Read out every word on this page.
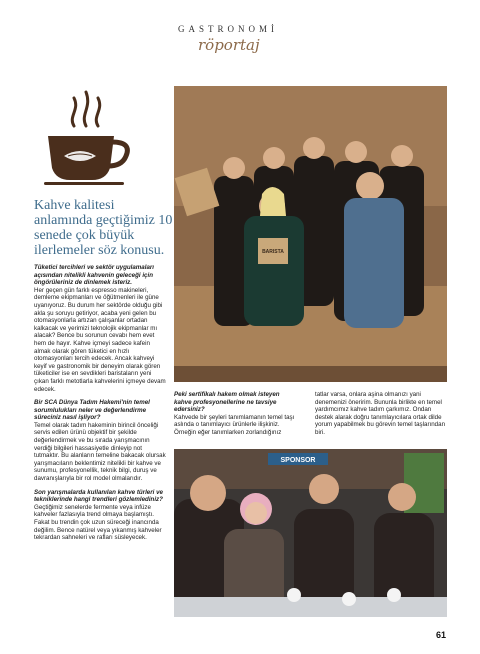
GASTRONOMİ
röportaj
Kahve kalitesi anlamında geçtiğimiz 10 senede çok büyük ilerlemeler söz konusu.

Tüketici tercihleri ve sektör uygulamaları açısından nitelikli kahvenin geleceği için öngörüleriniz de dinlemek isteriz.

Her geçen gün farklı espresso makineleri, demleme ekipmanları ve öğütmenleri ile güne uyanıyoruz. Bu durum her sektörde olduğu gibi akla şu soruyu getiriyor, acaba yeni gelen bu otomasyonlarla artızan çalışanlar ortadan kalkacak ve yerimizi teknolojik ekipmanlar mı alacak? Bence bu sorunun cevabı hem evet hem de hayır. Kahve içmeyi sadece kafein almak olarak gören tüketici en hızlı otomasyonları tercih edecek. Ancak kahveyi keyif ve gastronomik bir deneyim olarak gören tüketiciler ise en sevdikleri baristaların yeni çıkan farklı metotlarla kahvelerini içmeye devam edecek.

Bir SCA Dünya Tadım Hakemi'nin temel sorumlulukları neler ve değerlendirme süreciniz nasıl işliyor?

Temel olarak tadım hakeminin birincil önceliği servis edilen ürünü objektif bir şekilde değerlendirmek ve bu sırada yarışmacının verdiği bilgileri hassasiyetle dinleyip not tutmaktır. Bu alanların temeline bakacak olursak yarışmacıların beklentimiz nitelikli bir kahve ve sunumu, profesyonellik, teknik bilgi, duruş ve davranışlarıyla bir rol model olmalarıdır.

Son yarışmalarda kullanılan kahve türleri ve tekniklerinde hangi trendleri gözlemlediniz?

Geçtiğimiz senelerde fermente veya infüze kahveler fazlasıyla trend olmaya başlamıştı. Fakat bu trendin çok uzun süreceği inancında değilim. Bence natürel veya yıkanmış kahveler tekrardan sahneleri ve rafları süsleyecek.

BARISTA

Peki sertifikalı hakem olmak isteyen kahve profesyonellerine ne tavsiye edersiniz?

Kahvede bir şeyleri tanımlamanın temel taşı aslında o tanımlayıcı ürünlerle ilişkiniz. Örneğin eğer tanımlarken zorlandığınız

tatlar varsa, onlara aşina olmanızı yani denemenizi öneririm. Bununla birlikte en temel yardımcımız kahve tadım çarkımız. Ondan destek alarak doğru tanımlayıcılara ortak dilde yorum yapabilmek bu görevin temel taşlarından biri.

SPONSOR
61
